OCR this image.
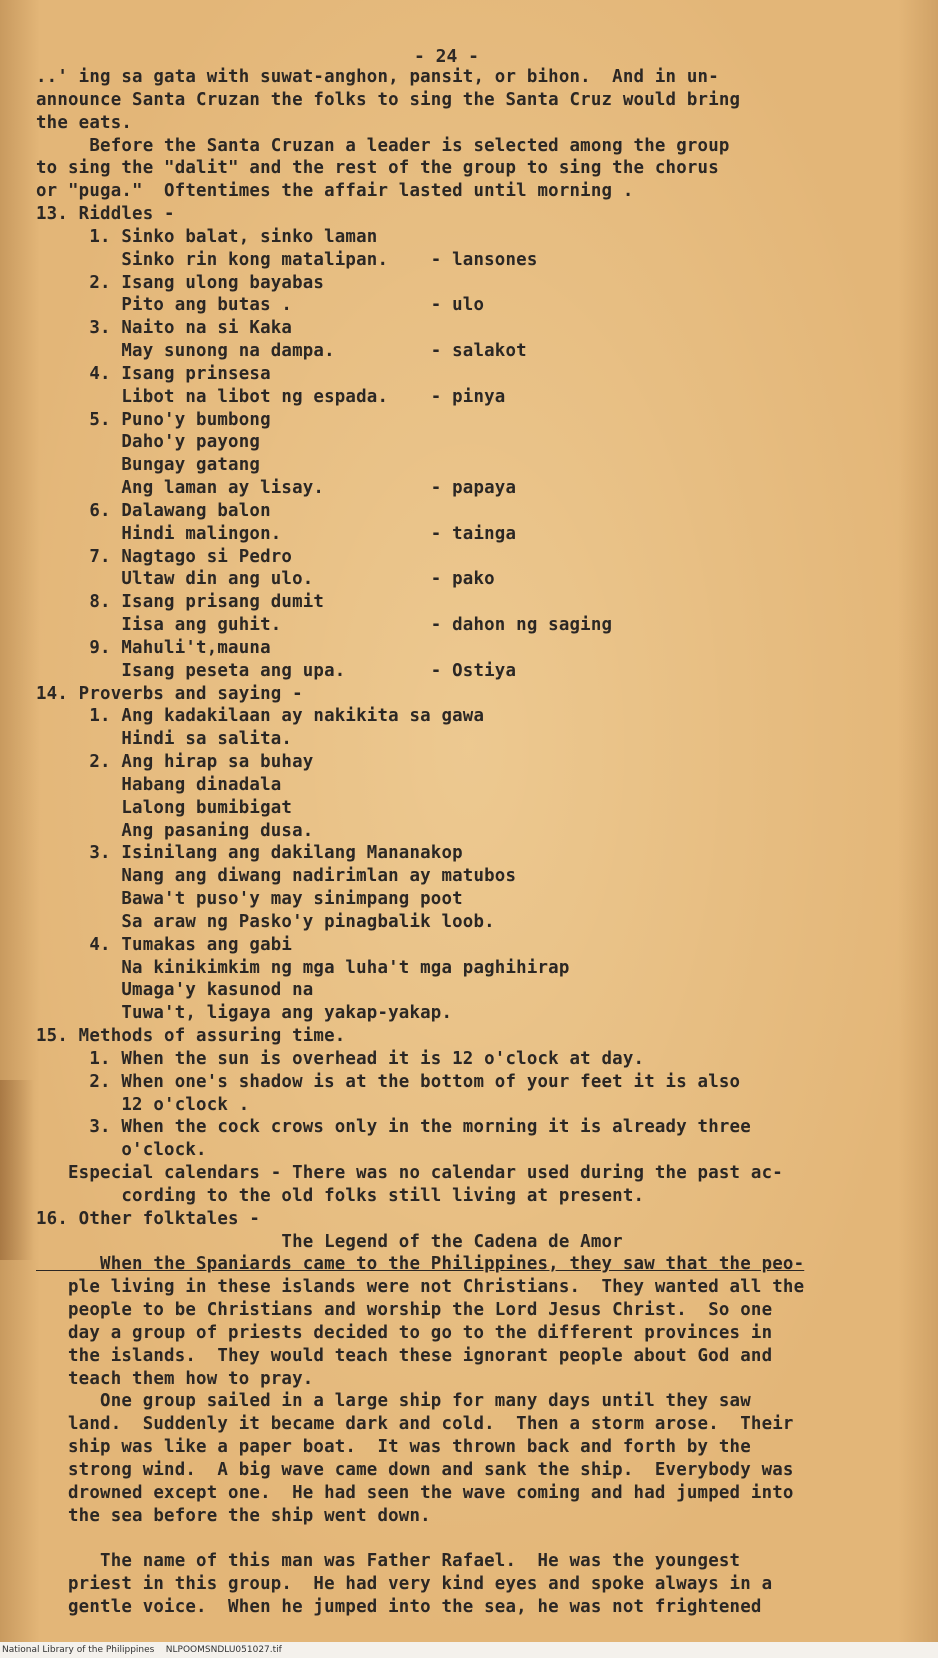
- 24 -
..' ing sa gata with suwat-anghon, pansit, or bihon.  And in un-
announce Santa Cruzan the folks to sing the Santa Cruz would bring
the eats.
Before the Santa Cruzan a leader is selected among the group
to sing the "dalit" and the rest of the group to sing the chorus
or "puga."  Oftentimes the affair lasted until morning .
13. Riddles -
1. Sinko balat, sinko laman
Sinko rin kong matalipan.    - lansones
2. Isang ulong bayabas
Pito ang butas .             - ulo
3. Naito na si Kaka
May sunong na dampa.         - salakot
4. Isang prinsesa
Libot na libot ng espada.    - pinya
5. Puno'y bumbong
Daho'y payong
Bungay gatang
Ang laman ay lisay.          - papaya
6. Dalawang balon
Hindi malingon.              - tainga
7. Nagtago si Pedro
Ultaw din ang ulo.           - pako
8. Isang prisang dumit
Iisa ang guhit.              - dahon ng saging
9. Mahuli't,mauna
Isang peseta ang upa.        - Ostiya
14. Proverbs and saying -
1. Ang kadakilaan ay nakikita sa gawa
Hindi sa salita.
2. Ang hirap sa buhay
Habang dinadala
Lalong bumibigat
Ang pasaning dusa.
3. Isinilang ang dakilang Mananakop
Nang ang diwang nadirimlan ay matubos
Bawa't puso'y may sinimpang poot
Sa araw ng Pasko'y pinagbalik loob.
4. Tumakas ang gabi
Na kinikimkim ng mga luha't mga paghihirap
Umaga'y kasunod na
Tuwa't, ligaya ang yakap-yakap.
15. Methods of assuring time.
1. When the sun is overhead it is 12 o'clock at day.
2. When one's shadow is at the bottom of your feet it is also
12 o'clock .
3. When the cock crows only in the morning it is already three
o'clock.
Especial calendars - There was no calendar used during the past ac-
cording to the old folks still living at present.
16. Other folktales -
The Legend of the Cadena de Amor
When the Spaniards came to the Philippines, they saw that the peo-
ple living in these islands were not Christians.  They wanted all the
people to be Christians and worship the Lord Jesus Christ.  So one
day a group of priests decided to go to the different provinces in
the islands.  They would teach these ignorant people about God and
teach them how to pray.
One group sailed in a large ship for many days until they saw
land.  Suddenly it became dark and cold.  Then a storm arose.  Their
ship was like a paper boat.  It was thrown back and forth by the
strong wind.  A big wave came down and sank the ship.  Everybody was
drowned except one.  He had seen the wave coming and had jumped into
the sea before the ship went down.
The name of this man was Father Rafael.  He was the youngest
priest in this group.  He had very kind eyes and spoke always in a
gentle voice.  When he jumped into the sea, he was not frightened
National Library of the Philippines    NLPOOMSNDLU051027.tif
